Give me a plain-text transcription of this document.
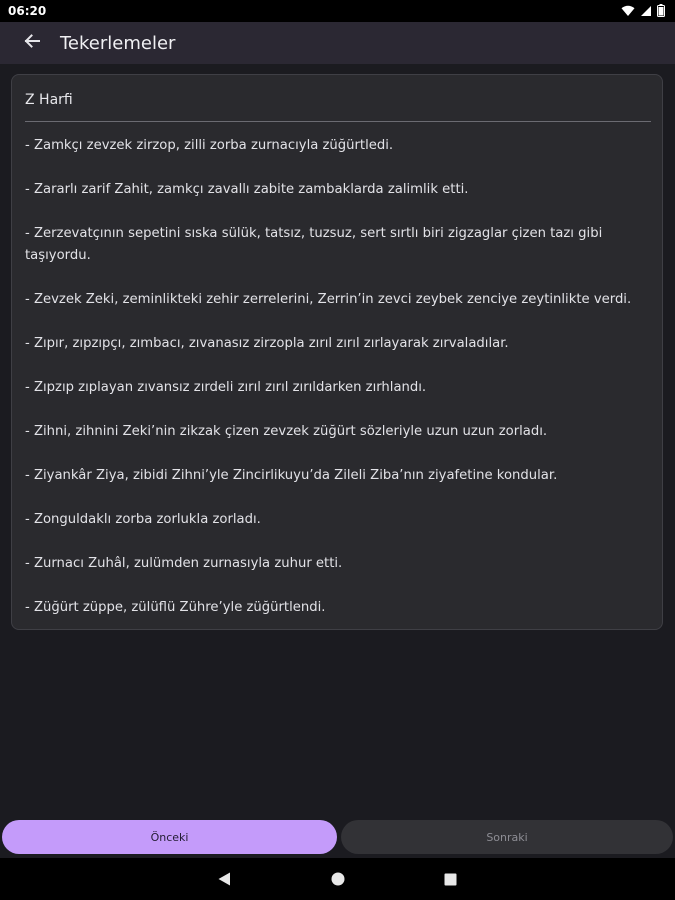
06:20
Tekerlemeler
Z Harfi
- Zamkçı zevzek zirzop, zilli zorba zurnacıyla züğürtledi.
- Zararlı zarif Zahit, zamkçı zavallı zabite zambaklarda zalimlik etti.
- Zerzevatçının sepetini sıska sülük, tatsız, tuzsuz, sert sırtlı biri zigzaglar çizen tazı gibi taşıyordu.
- Zevzek Zeki, zeminlikteki zehir zerrelerini, Zerrin’in zevci zeybek zenciye zeytinlikte verdi.
- Zıpır, zıpzıpçı, zımbacı, zıvanasız zirzopla zırıl zırıl zırlayarak zırvaladılar.
- Zıpzıp zıplayan zıvansız zırdeli zırıl zırıl zırıldarken zırhlandı.
- Zihni, zihnini Zeki’nin zikzak çizen zevzek züğürt sözleriyle uzun uzun zorladı.
- Ziyankâr Ziya, zibidi Zihni’yle Zincirlikuyu’da Zileli Ziba’nın ziyafetine kondular.
- Zonguldaklı zorba zorlukla zorladı.
- Zurnacı Zuhâl, zulümden zurnasıyla zuhur etti.
- Züğürt züppe, zülüflü Zühre’yle züğürtlendi.
Önceki	Sonraki
